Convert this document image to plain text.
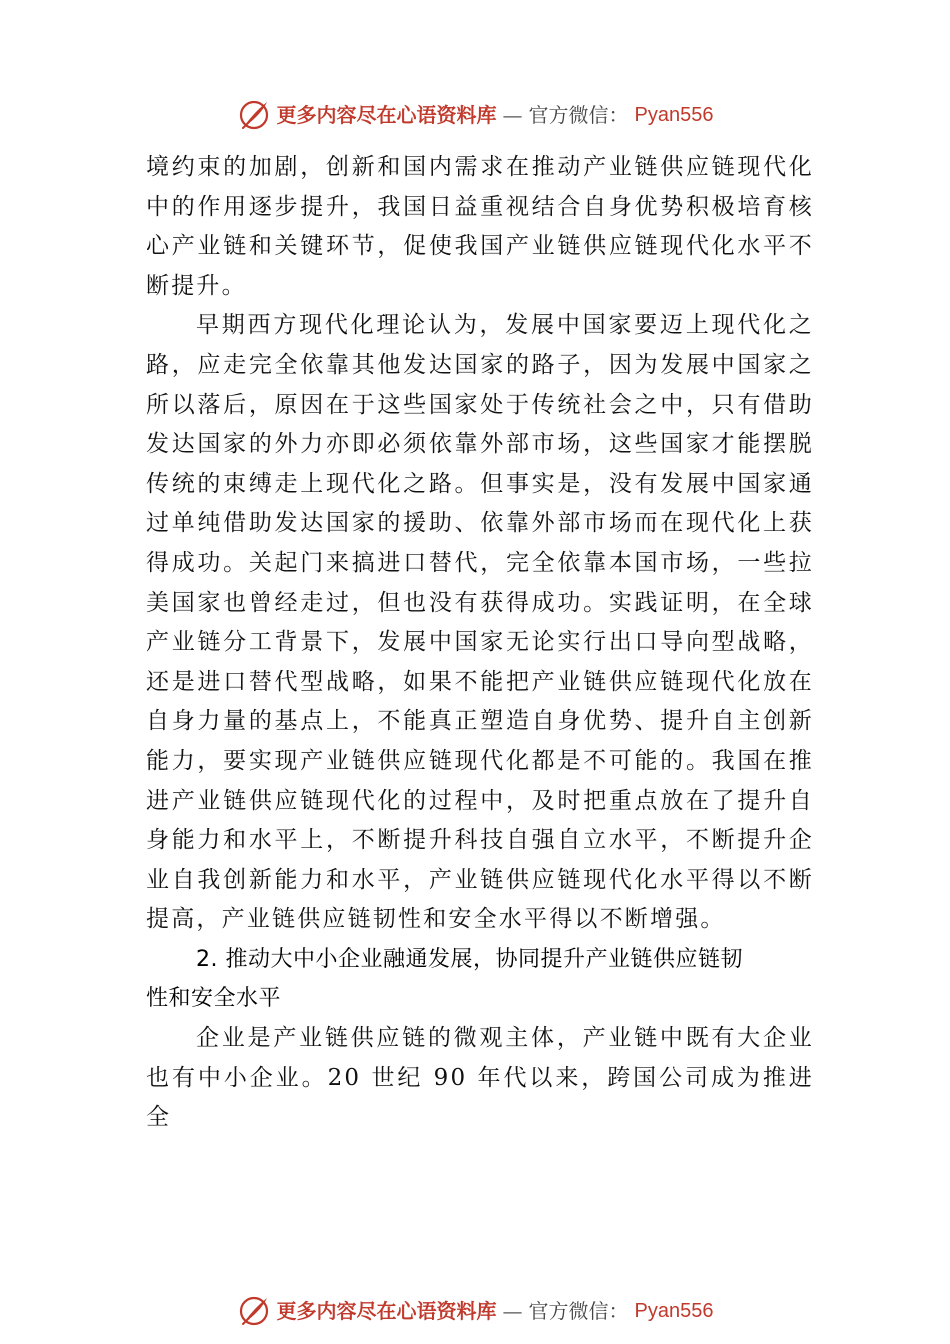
更多内容尽在心语资料库 — 官方微信： Pyan556

境约束的加剧，创新和国内需求在推动产业链供应链现代化中的作用逐步提升，我国日益重视结合自身优势积极培育核心产业链和关键环节，促使我国产业链供应链现代化水平不断提升。

早期西方现代化理论认为，发展中国家要迈上现代化之路，应走完全依靠其他发达国家的路子，因为发展中国家之所以落后，原因在于这些国家处于传统社会之中，只有借助发达国家的外力亦即必须依靠外部市场，这些国家才能摆脱传统的束缚走上现代化之路。但事实是，没有发展中国家通过单纯借助发达国家的援助、依靠外部市场而在现代化上获得成功。关起门来搞进口替代，完全依靠本国市场，一些拉美国家也曾经走过，但也没有获得成功。实践证明，在全球产业链分工背景下，发展中国家无论实行出口导向型战略， 还是进口替代型战略，如果不能把产业链供应链现代化放在自身力量的基点上，不能真正塑造自身优势、提升自主创新能力，要实现产业链供应链现代化都是不可能的。我国在推进产业链供应链现代化的过程中，及时把重点放在了提升自身能力和水平上，不断提升科技自强自立水平，不断提升企业自我创新能力和水平，产业链供应链现代化水平得以不断提高，产业链供应链韧性和安全水平得以不断增强。

2. 推动大中小企业融通发展，协同提升产业链供应链韧
性和安全水平

企业是产业链供应链的微观主体，产业链中既有大企业也有中小企业。20 世纪 90 年代以来，跨国公司成为推进全

更多内容尽在心语资料库 — 官方微信： Pyan556
